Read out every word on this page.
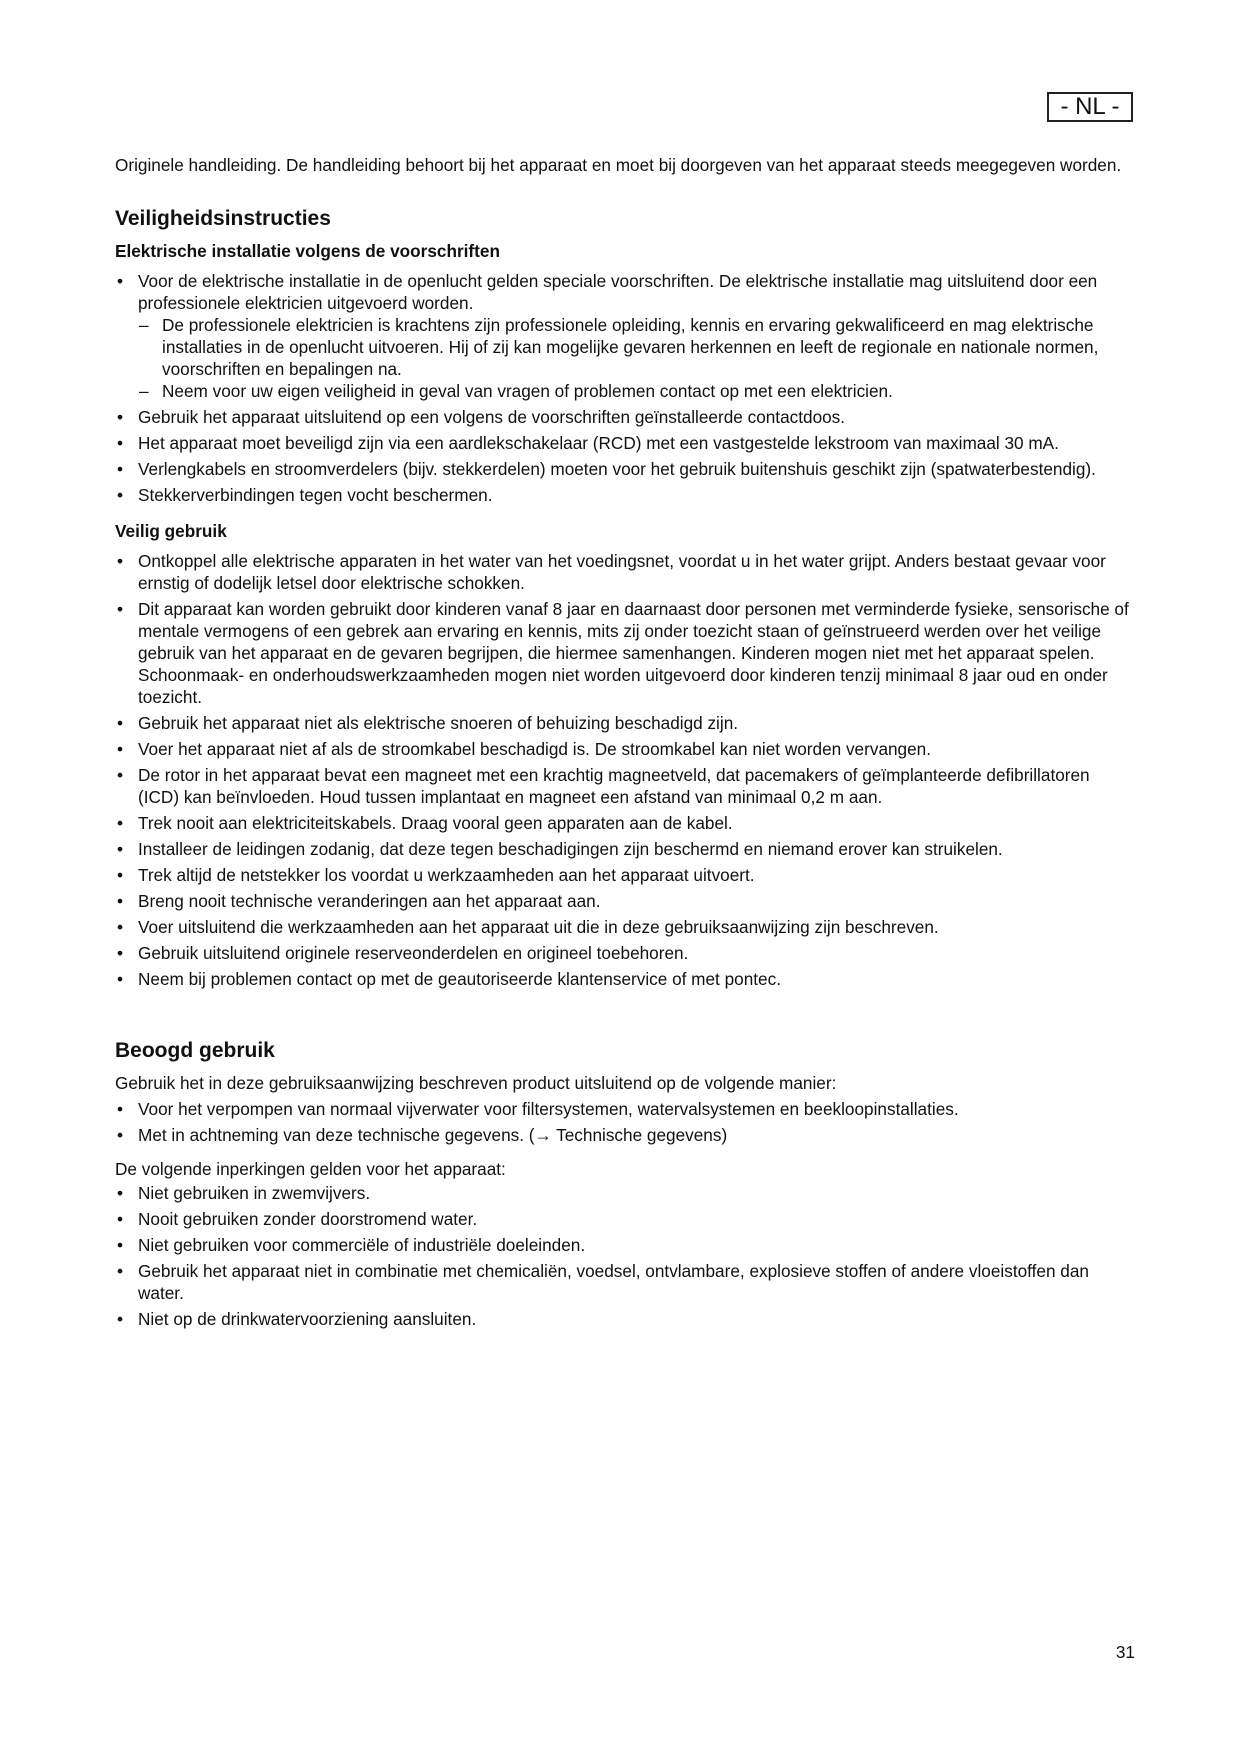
- NL -

Originele handleiding. De handleiding behoort bij het apparaat en moet bij doorgeven van het apparaat steeds meegegeven worden.

Veiligheidsinstructies
Elektrische installatie volgens de voorschriften
• Voor de elektrische installatie in de openlucht gelden speciale voorschriften. De elektrische installatie mag uitsluitend door een professionele elektricien uitgevoerd worden.
– De professionele elektricien is krachtens zijn professionele opleiding, kennis en ervaring gekwalificeerd en mag elektrische installaties in de openlucht uitvoeren. Hij of zij kan mogelijke gevaren herkennen en leeft de regionale en nationale normen, voorschriften en bepalingen na.
– Neem voor uw eigen veiligheid in geval van vragen of problemen contact op met een elektricien.
• Gebruik het apparaat uitsluitend op een volgens de voorschriften geïnstalleerde contactdoos.
• Het apparaat moet beveiligd zijn via een aardlekschakelaar (RCD) met een vastgestelde lekstroom van maximaal 30 mA.
• Verlengkabels en stroomverdelers (bijv. stekkerdelen) moeten voor het gebruik buitenshuis geschikt zijn (spatwaterbestendig).
• Stekkerverbindingen tegen vocht beschermen.
Veilig gebruik
• Ontkoppel alle elektrische apparaten in het water van het voedingsnet, voordat u in het water grijpt. Anders bestaat gevaar voor ernstig of dodelijk letsel door elektrische schokken.
• Dit apparaat kan worden gebruikt door kinderen vanaf 8 jaar en daarnaast door personen met verminderde fysieke, sensorische of mentale vermogens of een gebrek aan ervaring en kennis, mits zij onder toezicht staan of geïnstrueerd werden over het veilige gebruik van het apparaat en de gevaren begrijpen, die hiermee samenhangen. Kinderen mogen niet met het apparaat spelen. Schoonmaak- en onderhoudswerkzaamheden mogen niet worden uitgevoerd door kinderen tenzij minimaal 8 jaar oud en onder toezicht.
• Gebruik het apparaat niet als elektrische snoeren of behuizing beschadigd zijn.
• Voer het apparaat niet af als de stroomkabel beschadigd is. De stroomkabel kan niet worden vervangen.
• De rotor in het apparaat bevat een magneet met een krachtig magneetveld, dat pacemakers of geïmplanteerde defibrillatoren (ICD) kan beïnvloeden. Houd tussen implantaat en magneet een afstand van minimaal 0,2 m aan.
• Trek nooit aan elektriciteitskabels. Draag vooral geen apparaten aan de kabel.
• Installeer de leidingen zodanig, dat deze tegen beschadigingen zijn beschermd en niemand erover kan struikelen.
• Trek altijd de netstekker los voordat u werkzaamheden aan het apparaat uitvoert.
• Breng nooit technische veranderingen aan het apparaat aan.
• Voer uitsluitend die werkzaamheden aan het apparaat uit die in deze gebruiksaanwijzing zijn beschreven.
• Gebruik uitsluitend originele reserveonderdelen en origineel toebehoren.
• Neem bij problemen contact op met de geautoriseerde klantenservice of met pontec.
Beoogd gebruik

Gebruik het in deze gebruiksaanwijzing beschreven product uitsluitend op de volgende manier:

• Voor het verpompen van normaal vijverwater voor filtersystemen, watervalsystemen en beekloopinstallaties.
• Met in achtneming van deze technische gegevens. (→ Technische gegevens)

De volgende inperkingen gelden voor het apparaat:

• Niet gebruiken in zwemvijvers.
• Nooit gebruiken zonder doorstromend water.
• Niet gebruiken voor commerciële of industriële doeleinden.
• Gebruik het apparaat niet in combinatie met chemicaliën, voedsel, ontvlambare, explosieve stoffen of andere vloeistoffen dan water.
• Niet op de drinkwatervoorziening aansluiten.
31
